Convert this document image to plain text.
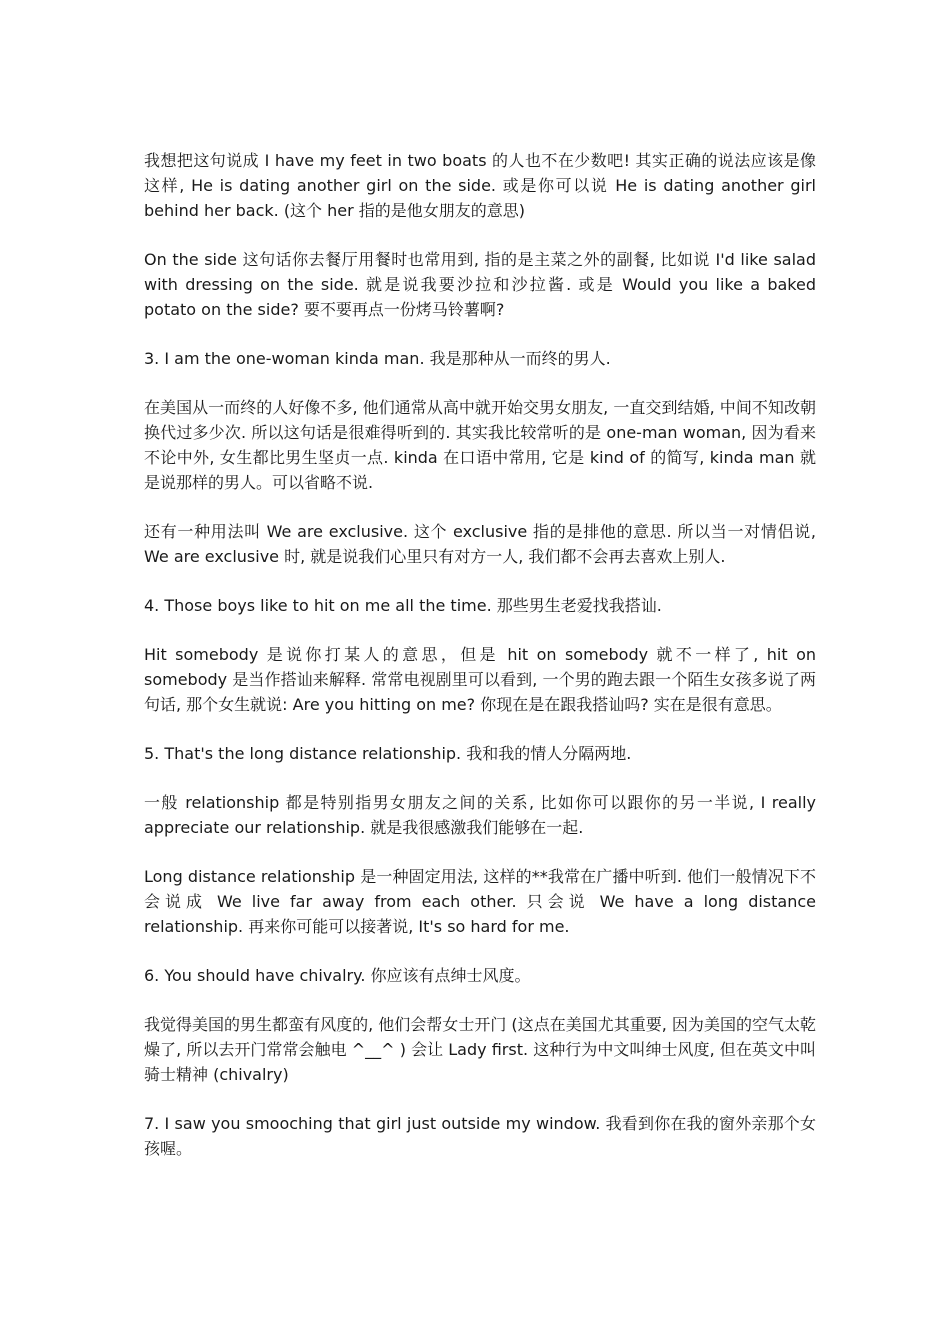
我想把这句说成 I have my feet in two boats 的人也不在少数吧! 其实正确的说法应该是像这样, He is dating another girl on the side. 或是你可以说 He is dating another girl behind her back. (这个 her 指的是他女朋友的意思)

On the side 这句话你去餐厅用餐时也常用到, 指的是主菜之外的副餐, 比如说 I'd like salad with dressing on the side. 就是说我要沙拉和沙拉酱. 或是 Would you like a baked potato on the side? 要不要再点一份烤马铃薯啊?

3. I am the one-woman kinda man. 我是那种从一而终的男人.

在美国从一而终的人好像不多, 他们通常从高中就开始交男女朋友, 一直交到结婚, 中间不知改朝换代过多少次. 所以这句话是很难得听到的. 其实我比较常听的是 one-man woman, 因为看来不论中外, 女生都比男生坚贞一点. kinda 在口语中常用, 它是 kind of 的简写, kinda man 就是说那样的男人。可以省略不说.

还有一种用法叫 We are exclusive. 这个 exclusive 指的是排他的意思. 所以当一对情侣说, We are exclusive 时, 就是说我们心里只有对方一人, 我们都不会再去喜欢上别人.

4. Those boys like to hit on me all the time. 那些男生老爱找我搭讪.

Hit somebody 是说你打某人的意思，但是 hit on somebody 就不一样了, hit on somebody 是当作搭讪来解释. 常常电视剧里可以看到, 一个男的跑去跟一个陌生女孩多说了两句话, 那个女生就说: Are you hitting on me? 你现在是在跟我搭讪吗? 实在是很有意思。

5. That's the long distance relationship. 我和我的情人分隔两地.

一般 relationship 都是特别指男女朋友之间的关系, 比如你可以跟你的另一半说, I really appreciate our relationship. 就是我很感激我们能够在一起.

Long distance relationship 是一种固定用法, 这样的**我常在广播中听到. 他们一般情况下不会说成 We live far away from each other. 只会说 We have a long distance relationship. 再来你可能可以接著说, It's so hard for me.

6. You should have chivalry. 你应该有点绅士风度。

我觉得美国的男生都蛮有风度的, 他们会帮女士开门 (这点在美国尤其重要, 因为美国的空气太乾燥了, 所以去开门常常会触电 ^__^ ) 会让 Lady first. 这种行为中文叫绅士风度, 但在英文中叫骑士精神 (chivalry)

7. I saw you smooching that girl just outside my window. 我看到你在我的窗外亲那个女孩喔。
